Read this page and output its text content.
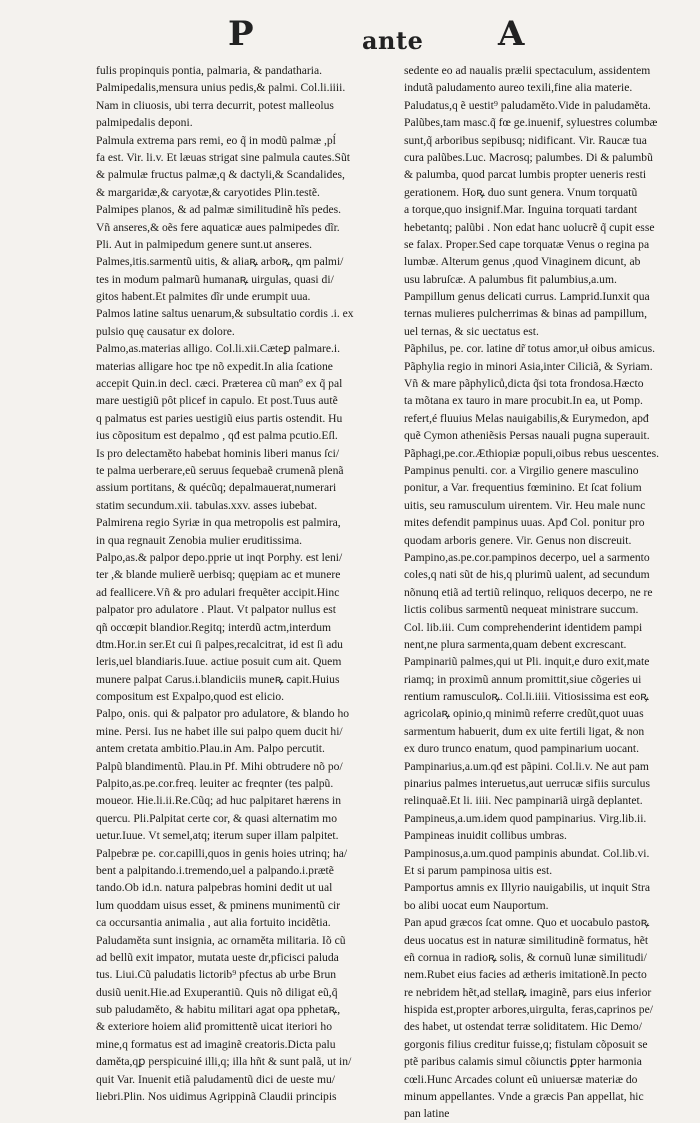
P	ante A
fulis propinquis pontia, palmaria, & pandatharia.
Palmipedalis,mensura unius pedis,& palmi. Col.li.iiii.
Nam in cliuosis, ubi terra decurrit, potest malleolus
palmipedalis deponi.
Palmula extrema pars remi, eo q̃ in modũ palmæ ,pĺ
fa est. Vir. li.v. Et læuas strigat sine palmula cautes.Sũt
& palmulæ fructus palmæ,q & dactyli,& Scandalides,
& margaridæ,& caryotæ,& caryotides Plin.testẽ.
Palmipes planos, & ad palmæ similitudinẽ hĩs pedes.
Vñ anseres,& oẽs fere aquaticæ aues palmipedes dĩr.
Pli. Aut in palmipedum genere sunt.ut anseres.
Palmes,itis.sarmentũ uitis, & aliaꝶ arboꝶ, qm palmi/
tes in modum palmarũ humanaꝶ uirgulas, quasi di/
gitos habent.Et palmites dĩr unde erumpit uua.
Palmos latine saltus uenarum,& subsultatio cordis .i. ex
pulsio quę causatur ex dolore.
Palmo,as.materias alligo. Col.li.xii.Cæteꝑ palmare.i.
materias alligare hoc tpe nõ expedit.In alia ſcatione
accepit Quin.in decl. cæci. Præterea cũ manº ex q̃ pal
mare uestigiũ pôt plicef in capulo. Et post.Tuus autẽ
q palmatus est paries uestigiũ eius partis ostendit. Hu
ius cõpositum est depalmo , qđ est palma pcutio.Eſl.
Is pro delectaměto habebat hominis liberi manus ſci/
te palma uerberare,eũ seruus ſequebaẽ crumenã plenã
assium portitans, & quécũq; depalmauerat,numerari
statim secundum.xii. tabulas.xxv. asses iubebat.
Palmirena regio Syriæ in qua metropolis est palmira,
in qua regnauit Zenobia mulier eruditissima.
Palpo,as.& palpor depo.pprie ut inqt Porphy. est leni/
ter ,& blande mulierẽ uerbisq; quępiam ac et munere
ad feallicere.Vñ & pro adulari frequẽter accipit.Hinc
palpator pro adulatore . Plaut. Vt palpator nullus est
qñ occœpit blandior.Regitq; interdũ actm,interdum
dtm.Hor.in ser.Et cui ſi palpes,recalcitrat, id est ſi adu
leris,uel blandiaris.Iuue. actiue posuit cum ait. Quem
munere palpat Carus.i.blandiciis muneꝶ capit.Huius
compositum est Expalpo,quod est elicio.
Palpo, onis. qui & palpator pro adulatore, & blando ho
mine. Persi. Ius ne habet ille sui palpo quem ducit hi/
antem cretata ambitio.Plau.in Am. Palpo percutit.
Palpũ blandimentũ. Plau.in Pf. Mihi obtrudere nõ po/
Palpito,as.pe.cor.freq. leuiter ac freqnter (tes palpũ.
moueor. Hie.li.ii.Re.Cũq; ad huc palpitaret hærens in
quercu. Pli.Palpitat certe cor, & quasi alternatim mo
uetur.Iuue. Vt semel,atq; iterum super illam palpitet.
Palpebræ pe. cor.capilli,quos in genis hoies utrinq; ha/
bent a palpitando.i.tremendo,uel a palpando.i.prætẽ
tando.Ob id.n. natura palpebras homini dedit ut ual
lum quoddam uisus esset, & pminens munimentũ cir
ca occursantia animalia , aut alia fortuito incidẽtia.
Paludaměta sunt insignia, ac ornaměta militaria. Iõ cũ
ad bellũ exit impator, mutata ueste dr,pficisci paluda
tus. Liui.Cũ paludatis lictorib⁹ pfectus ab urbe Brun
dusiũ uenit.Hie.ad Exuperantiũ. Quis nõ diligat eũ,q̃
sub paludaměto, & habitu militari agat opa pphetaꝶ,
& exteriore hoiem aliđ promittentẽ uicat iteriori ho
mine,q formatus est ad imaginẽ creatoris.Dicta palu
daměta,qꝑ perspicuiné illi,q; illa hñt & sunt palã, ut in/
quit Var. Inuenit etiã paludamentũ dici de ueste mu/
liebri.Plin. Nos uidimus Agrippinã Claudii principis
sedente eo ad naualis prælii spectaculum, assidentem
indutã paludamento aureo texili,fine alia materie.
Paludatus,q ẽ uestit⁹ paludaměto.Vide in paludaměta.
Palũbes,tam masc.q̃ fœ ge.inuenif, syluestres columbæ
sunt,q̃ arboribus sepibusq; nidificant. Vir. Raucæ tua
cura palũbes.Luc. Macrosq; palumbes. Di & palumbũ
& palumba, quod parcat lumbis propter ueneris resti
gerationem. Hoꝶ duo sunt genera. Vnum torquatũ
a torque,quo insignif.Mar. Inguina torquati tardant
hebetantq; palũbi . Non edat hanc uolucrẽ q̃ cupit esse
se falax. Proper.Sed cape torquatæ Venus o regina pa
lumbæ. Alterum genus ,quod Vinaginem dicunt, ab
usu labruſcæ. A palumbus fit palumbius,a.um.
Pampillum genus delicati currus. Lamprid.Iunxit qua
ternas mulieres pulcherrimas & binas ad pampillum,
uel ternas, & sic uectatus est.
Pãphilus, pe. cor. latine dr̃ totus amor,uł oibus amicus.
Pãphylia regio in minori Asia,inter Ciliciã, & Syriam.
Vñ & mare pãphyliců,dicta q̃si tota frondosa.Hæcto
ta mõtana ex tauro in mare procubit.In ea, ut Pomp.
refert,é fluuius Melas nauigabilis,& Eurymedon, apđ
quẽ Cymon atheniẽsis Persas nauali pugna superauit.
Pãphagi,pe.cor.Æthiopiæ populi,oibus rebus uescentes.
Pampinus penulti. cor. a Virgilio genere masculino
ponitur, a Var. frequentius fœminino. Et ſcat folium
uitis, seu ramusculum uirentem. Vir. Heu male nunc
mites defendit pampinus uuas. Apđ Col. ponitur pro
quodam arboris genere. Vir. Genus non discreuit.
Pampino,as.pe.cor.pampinos decerpo, uel a sarmento
coles,q nati sũt de his,q plurimũ ualent, ad secundum
nõnunq etiã ad tertiũ relinquo, reliquos decerpo, ne re
lictis colibus sarmentũ nequeat ministrare succum.
Col. lib.iii. Cum comprehenderint identidem pampi
nent,ne plura sarmenta,quam debent excrescant.
Pampinariũ palmes,qui ut Pli. inquit,e duro exit,mate
riamq; in proximũ annum promittit,siue cõgeries ui
rentium ramusculoꝶ. Col.li.iiii. Vitiosissima est eoꝶ
agricolaꝶ opinio,q minimũ referre credũt,quot uuas
sarmentum habuerit, dum ex uite fertili ligat, & non
ex duro trunco enatum, quod pampinarium uocant.
Pampinarius,a.um.qđ est pãpini. Col.li.v. Ne aut pam
pinarius palmes interuetus,aut uerrucæ sifiis surculus
relinquaẽ.Et li. iiii. Nec pampinariã uirgã deplantet.
Pampineus,a.um.idem quod pampinarius. Virg.lib.ii.
Pampineas inuidit collibus umbras.
Pampinosus,a.um.quod pampinis abundat. Col.lib.vi.
Et si parum pampinosa uitis est.
Pamportus amnis ex Illyrio nauigabilis, ut inquit Stra
bo alibi uocat eum Nauportum.
Pan apud græcos ſcat omne. Quo et uocabulo pastoꝶ
deus uocatus est in naturæ similitudinẽ formatus, hẽt
eñ cornua in radioꝶ solis, & cornuũ lunæ similitudi/
nem.Rubet eius facies ad ætheris imitationẽ.In pecto
re nebridem hẽt,ad stellaꝶ imaginẽ, pars eius inferior
hispida est,propter arbores,uirgulta, feras,caprinos pe/
des habet, ut ostendat terræ soliditatem. Hic Demo/
gorgonis filius creditur fuisse,q; fistulam cõposuit se
ptẽ paribus calamis simul cõiunctis ꝑpter harmonia
cœli.Hunc Arcades colunt eũ uniuersæ materiæ do
minum appellantes. Vnde a græcis Pan appellat, hic
pan latine
